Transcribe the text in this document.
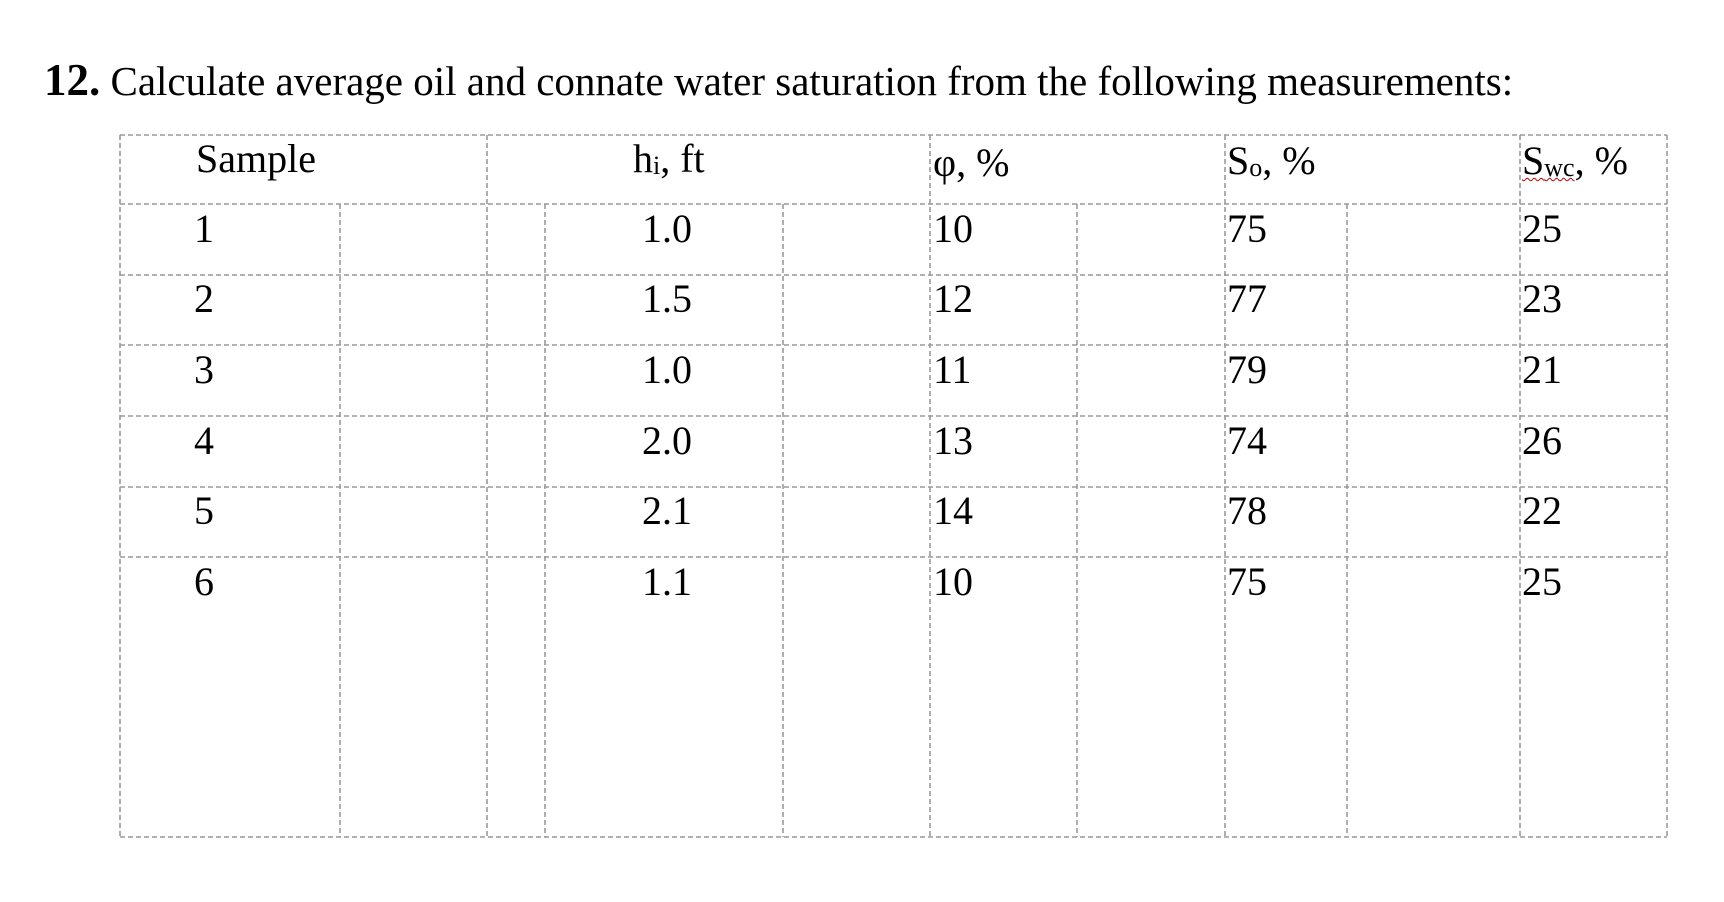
12. Calculate average oil and connate water saturation from the following measurements:
Sample	hi, ft	φ, %	So, %	Swc, %
1	1.0	10	75	25
2	1.5	12	77	23
3	1.0	11	79	21
4	2.0	13	74	26
5	2.1	14	78	22
6	1.1	10	75	25
